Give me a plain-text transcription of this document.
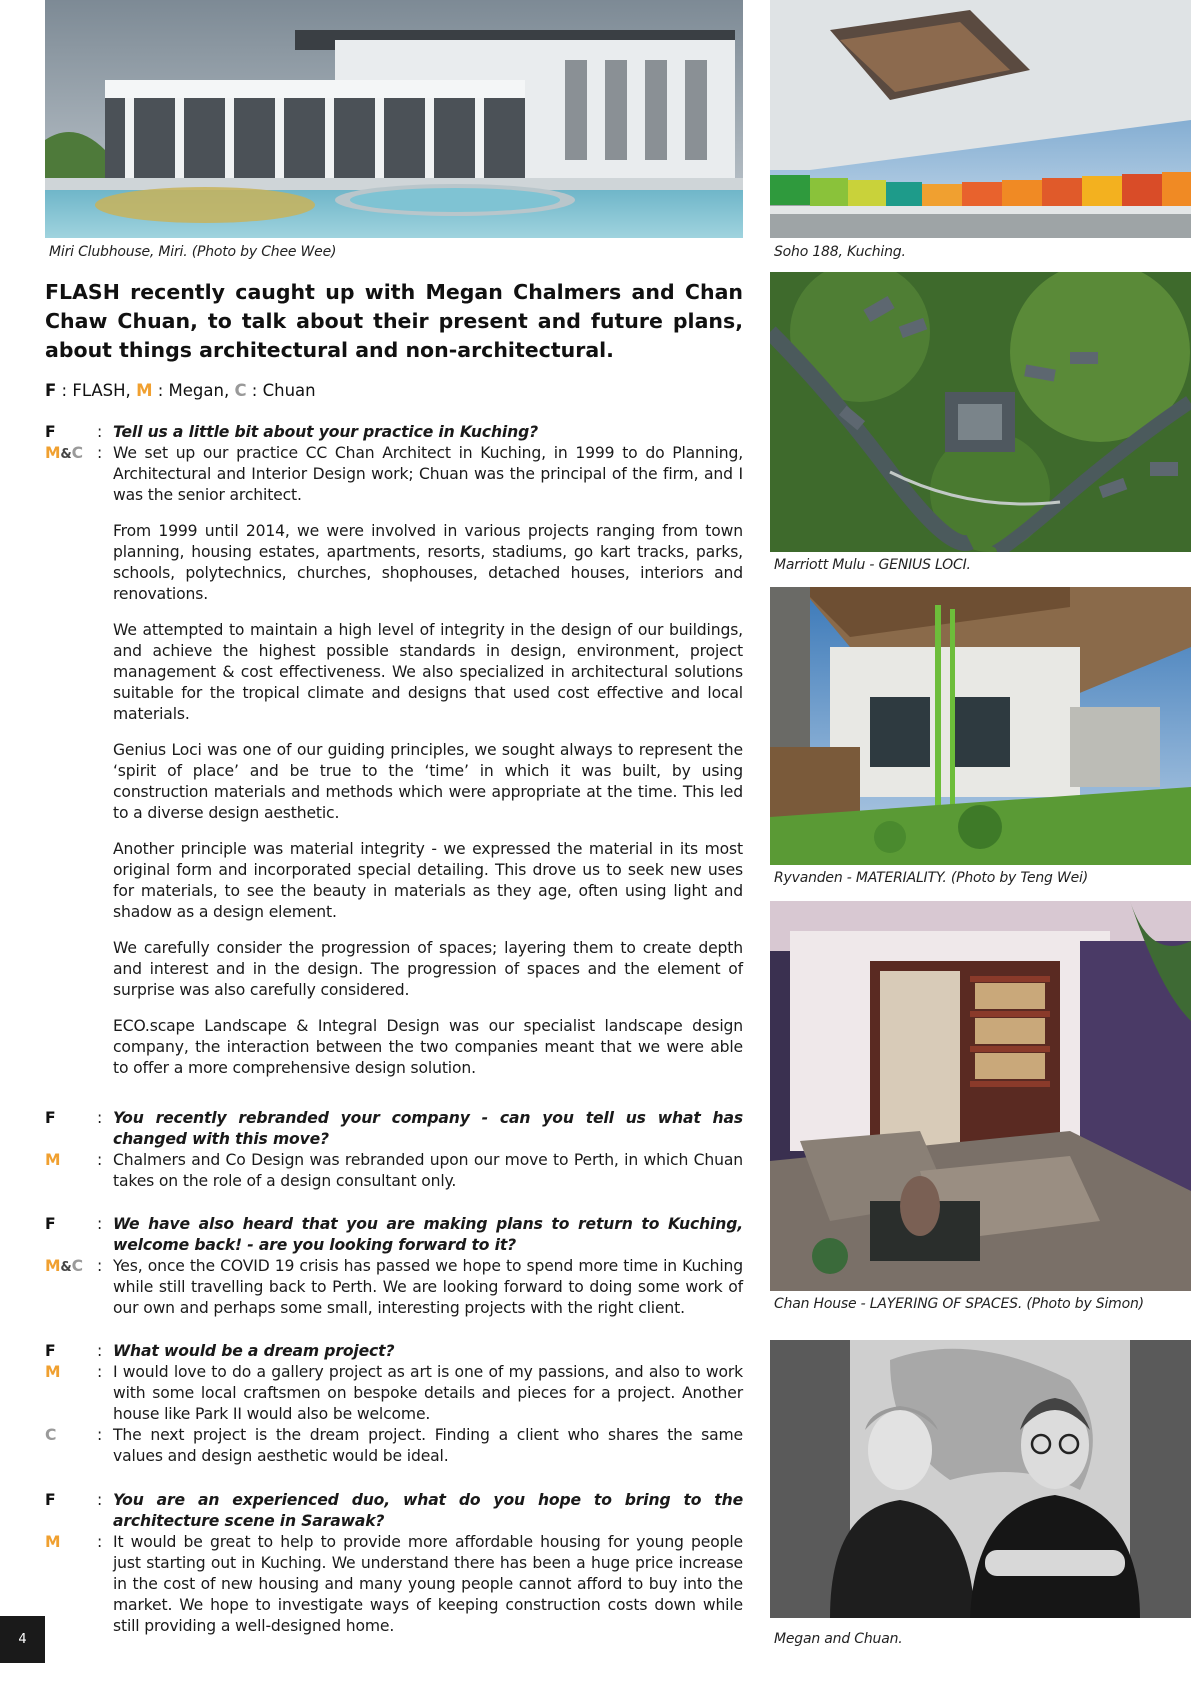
Miri Clubhouse, Miri. (Photo by Chee Wee)	Soho 188, Kuching.
Marriott Mulu - GENIUS LOCI.
Ryvanden - MATERIALITY. (Photo by Teng Wei)
Chan House - LAYERING OF SPACES. (Photo by Simon)
Megan and Chuan.
FLASH recently caught up with Megan Chalmers and Chan Chaw Chuan, to talk about their present and future plans, about things architectural and non-architectural.
F : FLASH, M : Megan, C : Chuan
F	: Tell us a little bit about your practice in Kuching?
M&C : We set up our practice CC Chan Architect in Kuching, in 1999 to do Planning, Architectural and Interior Design work; Chuan was the principal of the firm, and I was the senior architect.
From 1999 until 2014, we were involved in various projects ranging from town planning, housing estates, apartments, resorts, stadiums, go kart tracks, parks, schools, polytechnics, churches, shophouses, detached houses, interiors and renovations.
We attempted to maintain a high level of integrity in the design of our buildings, and achieve the highest possible standards in design, environment, project management & cost effectiveness. We also specialized in architectural solutions suitable for the tropical climate and designs that used cost effective and local materials.
Genius Loci was one of our guiding principles, we sought always to represent the ‘spirit of place’ and be true to the ‘time’ in which it was built, by using construction materials and methods which were appropriate at the time. This led to a diverse design aesthetic.
Another principle was material integrity - we expressed the material in its most original form and incorporated special detailing. This drove us to seek new uses for materials, to see the beauty in materials as they age, often using light and shadow as a design element.
We carefully consider the progression of spaces; layering them to create depth and interest and in the design. The progression of spaces and the element of surprise was also carefully considered.
ECO.scape Landscape & Integral Design was our specialist landscape design company, the interaction between the two companies meant that we were able to offer a more comprehensive design solution.
F	: You recently rebranded your company - can you tell us what has changed with this move?
M	: Chalmers and Co Design was rebranded upon our move to Perth, in which Chuan takes on the role of a design consultant only.
F	: We have also heard that you are making plans to return to Kuching, welcome back! - are you looking forward to it?
M&C : Yes, once the COVID 19 crisis has passed we hope to spend more time in Kuching while still travelling back to Perth. We are looking forward to doing some work of our own and perhaps some small, interesting projects with the right client.
F	: What would be a dream project?
M	: I would love to do a gallery project as art is one of my passions, and also to work with some local craftsmen on bespoke details and pieces for a project. Another house like Park II would also be welcome.
C	: The next project is the dream project. Finding a client who shares the same values and design aesthetic would be ideal.
F	: You are an experienced duo, what do you hope to bring to the architecture scene in Sarawak?
M	: It would be great to help to provide more affordable housing for young people just starting out in Kuching. We understand there has been a huge price increase in the cost of new housing and many young people cannot afford to buy into the market. We hope to investigate ways of keeping construction costs down while still providing a well-designed home.
4
